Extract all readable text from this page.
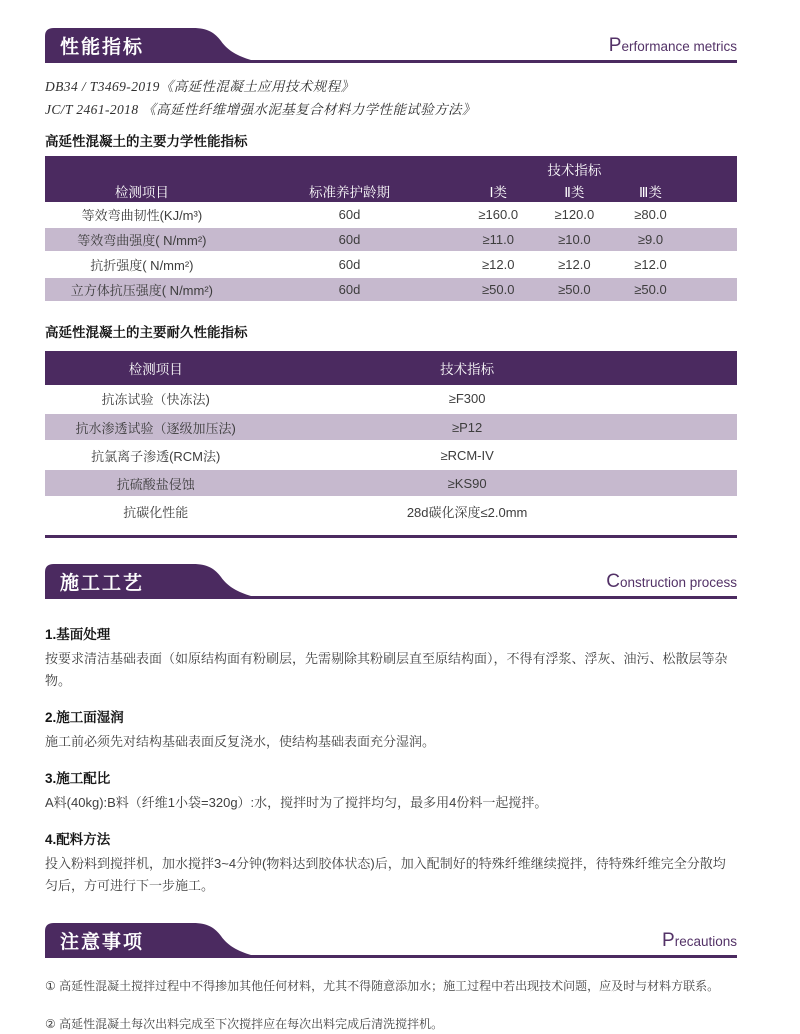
性能指标	Performance metrics
DB34 / T3469-2019《高延性混凝土应用技术规程》
JC/T 2461-2018 《高延性纤维增强水泥基复合材料力学性能试验方法》
高延性混凝土的主要力学性能指标
检测项目	标准养护龄期	技术指标			
		Ⅰ类	Ⅱ类	Ⅲ类	
等效弯曲韧性(KJ/m³)	60d	≥160.0	≥120.0	≥80.0	
等效弯曲强度( N/mm²)	60d	≥11.0	≥10.0	≥9.0	
抗折强度( N/mm²)	60d	≥12.0	≥12.0	≥12.0	
立方体抗压强度( N/mm²)	60d	≥50.0	≥50.0	≥50.0	
高延性混凝土的主要耐久性能指标
检测项目	技术指标	
抗冻试验（快冻法)	≥F300	
抗水渗透试验（逐级加压法)	≥P12	
抗氯离子渗透(RCM法)	≥RCM-IV	
抗硫酸盐侵蚀	≥KS90	
抗碳化性能	28d碳化深度≤2.0mm	
施工工艺	Construction process
1.基面处理

按要求清洁基础表面（如原结构面有粉刷层，先需剔除其粉刷层直至原结构面），不得有浮浆、浮灰、油污、松散层等杂物。

2.施工面湿润

施工前必须先对结构基础表面反复浇水，使结构基础表面充分湿润。

3.施工配比

A料(40kg):B料（纤维1小袋=320g）:水，搅拌时为了搅拌均匀，最多用4份料一起搅拌。

4.配料方法

投入粉料到搅拌机，加水搅拌3~4分钟(物料达到胶体状态)后，加入配制好的特殊纤维继续搅拌，待特殊纤维完全分散均匀后，方可进行下一步施工。

注意事项	Precautions
① 高延性混凝土搅拌过程中不得掺加其他任何材料，尤其不得随意添加水；施工过程中若出现技术问题，应及时与材料方联系。
② 高延性混凝土每次出料完成至下次搅拌应在每次出料完成后清洗搅拌机。
